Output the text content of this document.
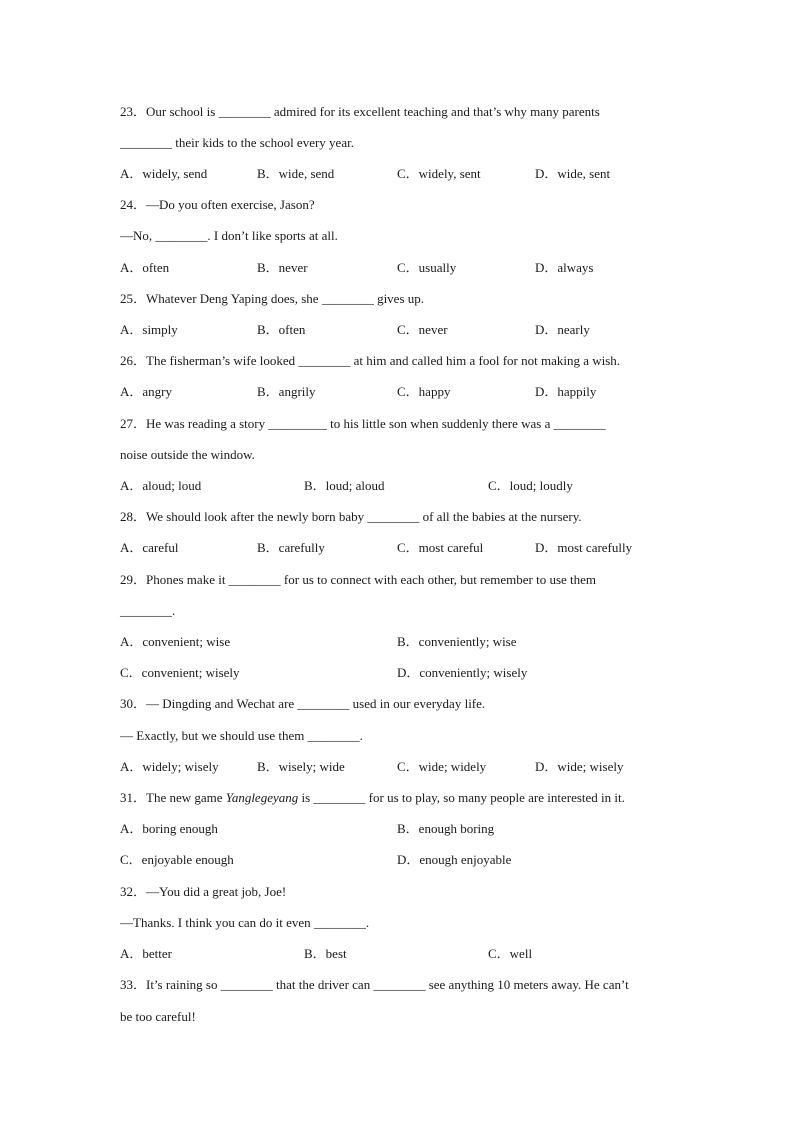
23．Our school is ________ admired for its excellent teaching and that’s why many parents
________ their kids to the school every year.
A．widely, send	B．wide, send	C．widely, sent	D．wide, sent
24．—Do you often exercise, Jason?
—No, ________. I don’t like sports at all.
A．often	B．never	C．usually	D．always
25．Whatever Deng Yaping does, she ________ gives up.
A．simply	B．often	C．never	D．nearly
26．The fisherman’s wife looked ________ at him and called him a fool for not making a wish.
A．angry	B．angrily	C．happy	D．happily
27．He was reading a story _________ to his little son when suddenly there was a ________
noise outside the window.
A．aloud; loud	B．loud; aloud	C．loud; loudly
28．We should look after the newly born baby ________ of all the babies at the nursery.
A．careful	B．carefully	C．most careful	D．most carefully
29．Phones make it ________ for us to connect with each other, but remember to use them
________.
A．convenient; wise	B．conveniently; wise
C．convenient; wisely	D．conveniently; wisely
30．— Dingding and Wechat are ________ used in our everyday life.
— Exactly, but we should use them ________.
A．widely; wisely	B．wisely; wide	C．wide; widely	D．wide; wisely
31．The new game Yanglegeyang is ________ for us to play, so many people are interested in it.
A．boring enough	B．enough boring
C．enjoyable enough	D．enough enjoyable
32．—You did a great job, Joe!
—Thanks. I think you can do it even ________.
A．better	B．best	C．well
33．It’s raining so ________ that the driver can ________ see anything 10 meters away. He can’t
be too careful!
